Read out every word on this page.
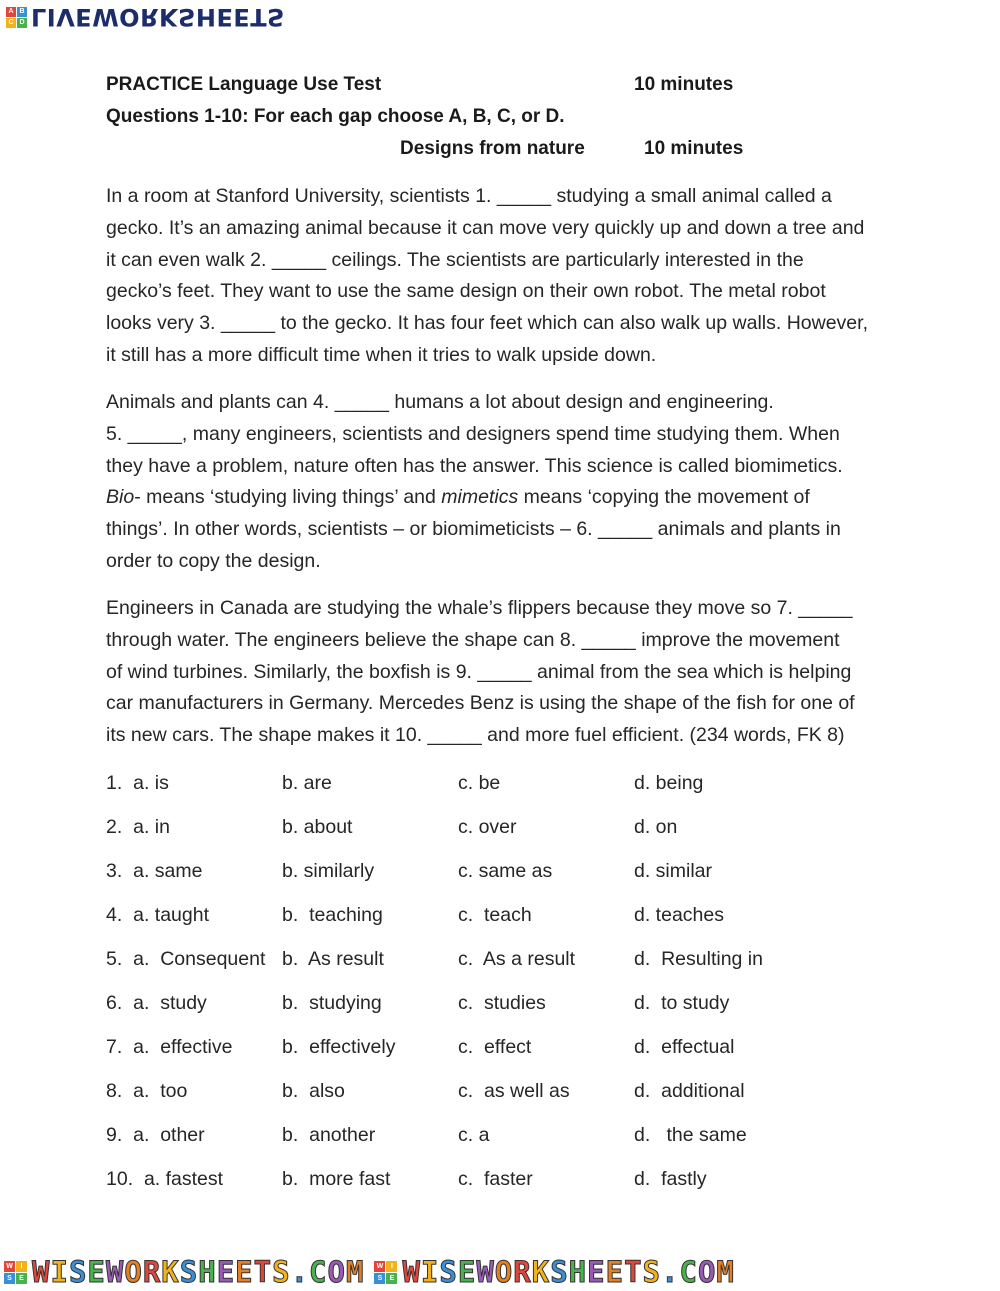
A B
C D LIVEWORKSHEETS
PRACTICE Language Use Test	10 minutes
Questions 1-10: For each gap choose A, B, C, or D.
Designs from nature	10 minutes

In a room at Stanford University, scientists 1. _____ studying a small animal called a

gecko. It’s an amazing animal because it can move very quickly up and down a tree and

it can even walk 2. _____ ceilings. The scientists are particularly interested in the

gecko’s feet. They want to use the same design on their own robot. The metal robot

looks very 3. _____ to the gecko. It has four feet which can also walk up walls. However,

it still has a more difficult time when it tries to walk upside down.

Animals and plants can 4. _____ humans a lot about design and engineering.

5. _____, many engineers, scientists and designers spend time studying them. When

they have a problem, nature often has the answer. This science is called biomimetics.

Bio- means ‘studying living things’ and mimetics means ‘copying the movement of

things’. In other words, scientists – or biomimeticists – 6. _____ animals and plants in

order to copy the design.

Engineers in Canada are studying the whale’s flippers because they move so 7. _____

through water. The engineers believe the shape can 8. _____ improve the movement

of wind turbines. Similarly, the boxfish is 9. _____ animal from the sea which is helping

car manufacturers in Germany. Mercedes Benz is using the shape of the fish for one of

its new cars. The shape makes it 10. _____ and more fuel efficient. (234 words, FK 8)

1.  a. is	b. are	c. be	d. being
2.  a. in	b. about	c. over	d. on
3.  a. same	b. similarly	c. same as	d. similar
4.  a. taught	b.  teaching	c.  teach	d. teaches
5.  a.  Consequent b.  As result	c.  As a result	d.  Resulting in
6.  a.  study	b.  studying	c.  studies	d.  to study
7.  a.  effective	b.  effectively	c.  effect	d.  effectual
8.  a.  too	b.  also	c.  as well as	d.  additional
9.  a.  other	b.  another	c. a	d.   the same
10.  a. fastest	b.  more fast	c.  faster	d.  fastly
W	I
S	E WISEWORKSHEETS.COM	W	I
S	E WISEWORKSHEETS.COM
